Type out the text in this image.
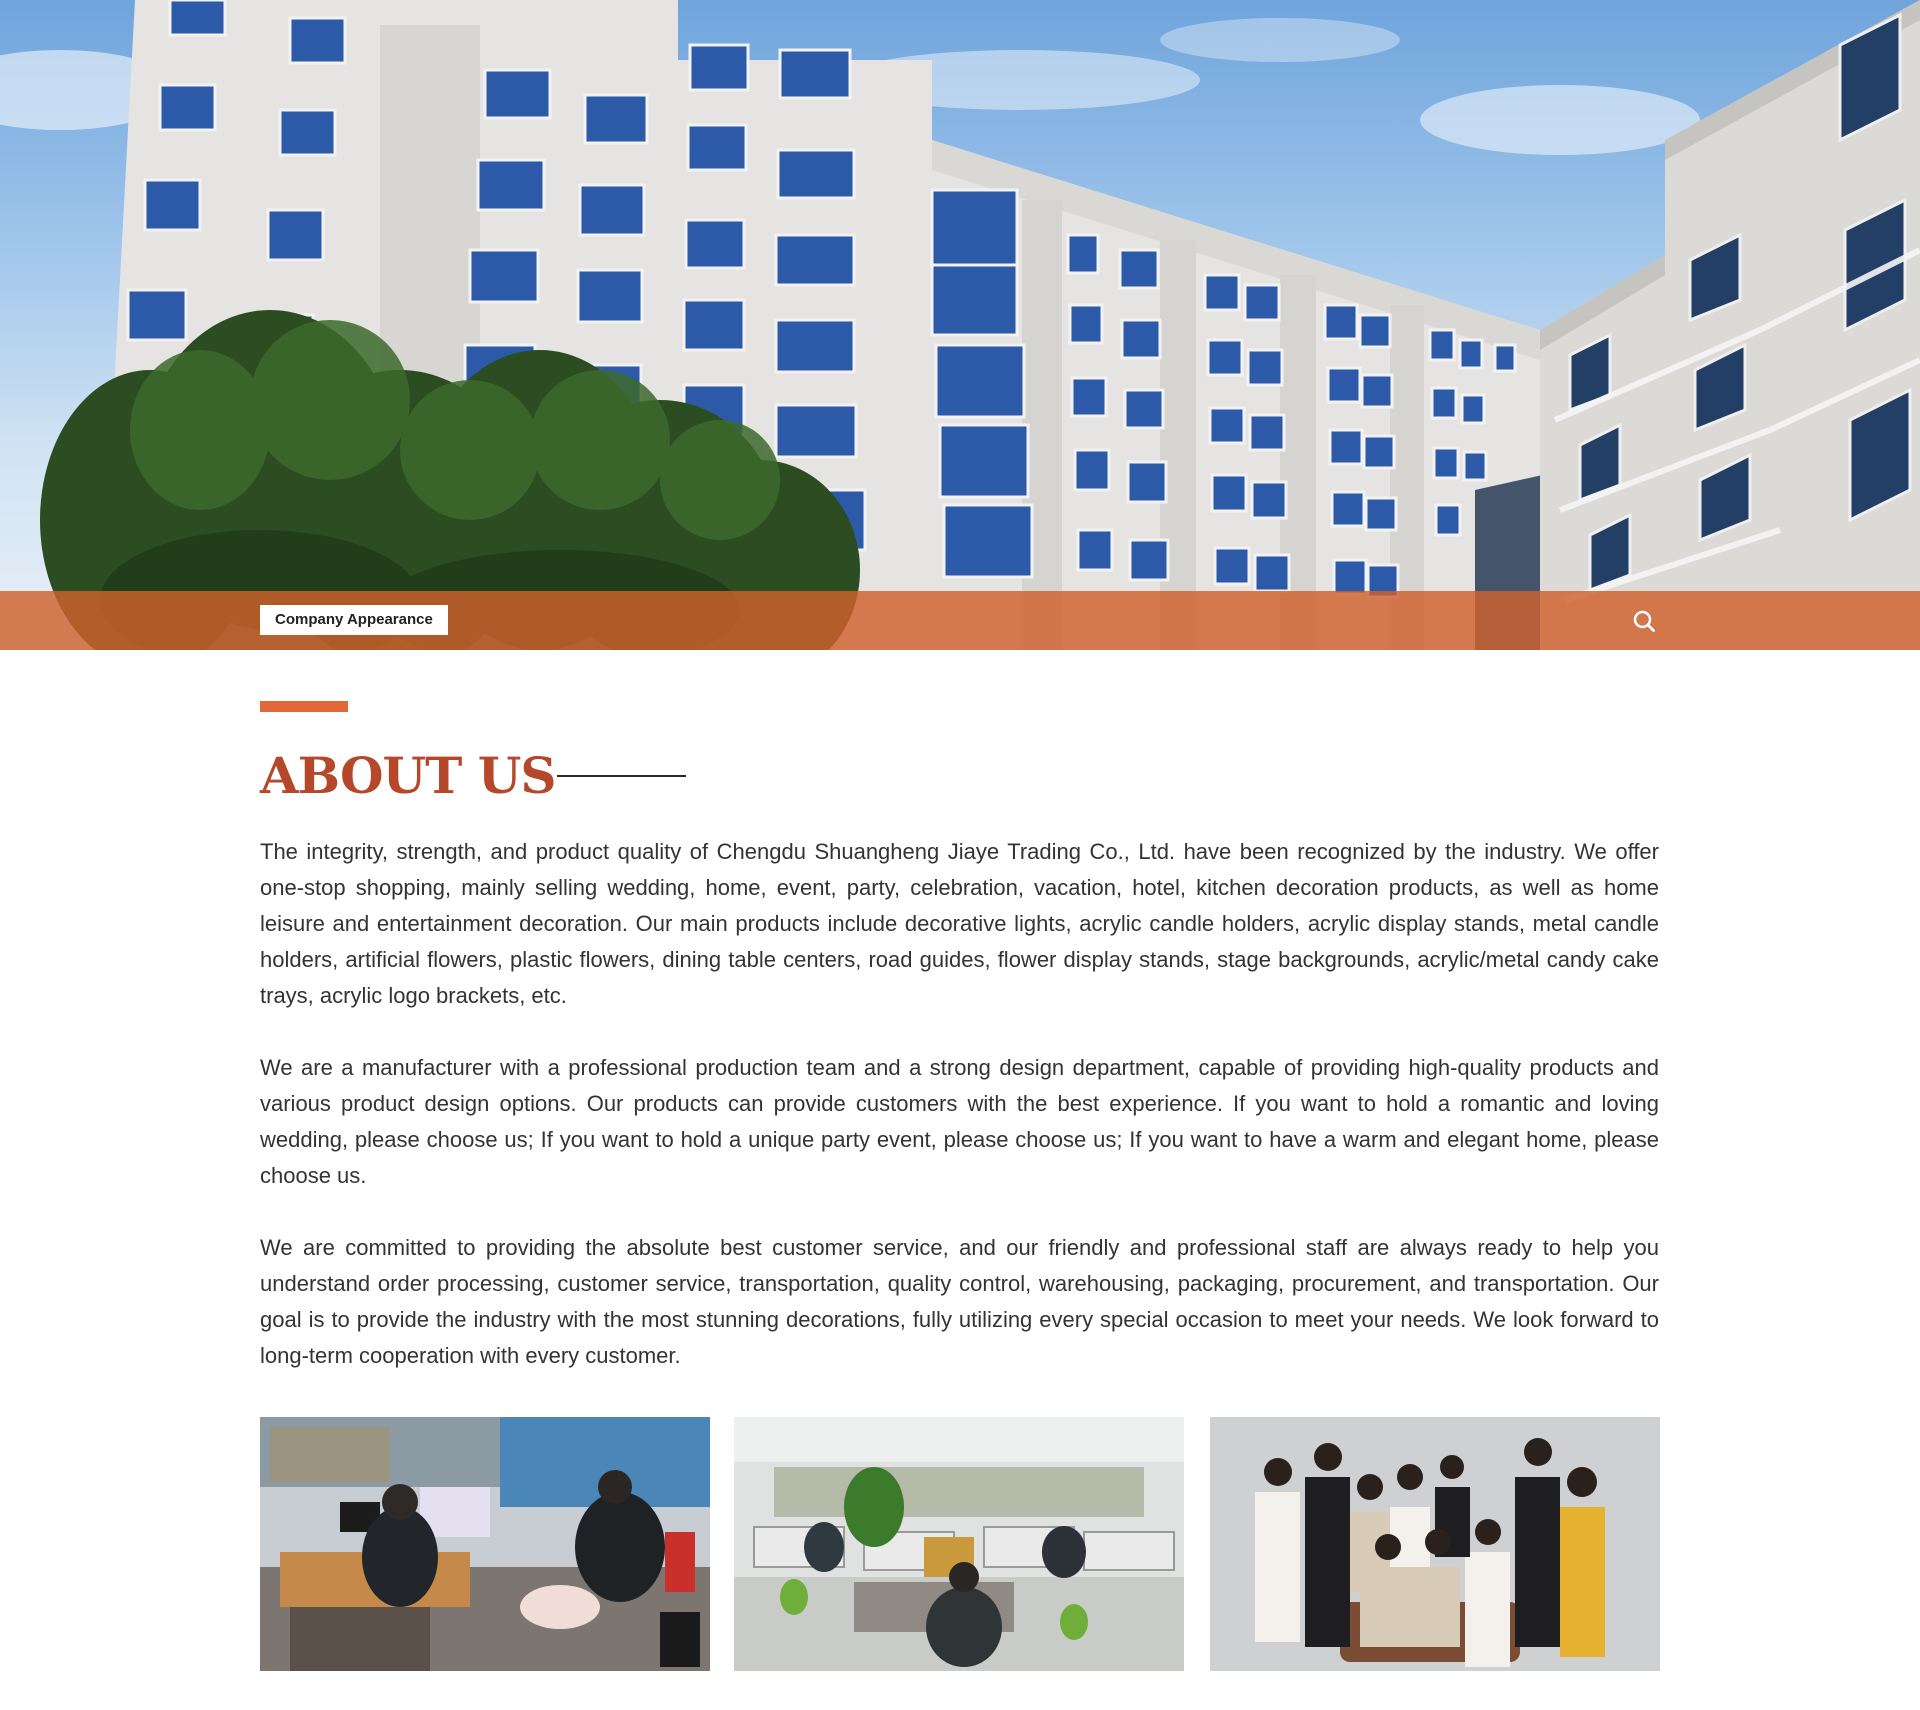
Company Appearance
ABOUT US

The integrity, strength, and product quality of Chengdu Shuangheng Jiaye Trading Co., Ltd. have been recognized by the industry. We offer one-stop shopping, mainly selling wedding, home, event, party, celebration, vacation, hotel, kitchen decoration products, as well as home leisure and entertainment decoration. Our main products include decorative lights, acrylic candle holders, acrylic display stands, metal candle holders, artificial flowers, plastic flowers, dining table centers, road guides, flower display stands, stage backgrounds, acrylic/metal candy cake trays, acrylic logo brackets, etc.

We are a manufacturer with a professional production team and a strong design department, capable of providing high-quality products and various product design options. Our products can provide customers with the best experience. If you want to hold a romantic and loving wedding, please choose us; If you want to hold a unique party event, please choose us; If you want to have a warm and elegant home, please choose us.

We are committed to providing the absolute best customer service, and our friendly and professional staff are always ready to help you understand order processing, customer service, transportation, quality control, warehousing, packaging, procurement, and transportation. Our goal is to provide the industry with the most stunning decorations, fully utilizing every special occasion to meet your needs. We look forward to long-term cooperation with every customer.
